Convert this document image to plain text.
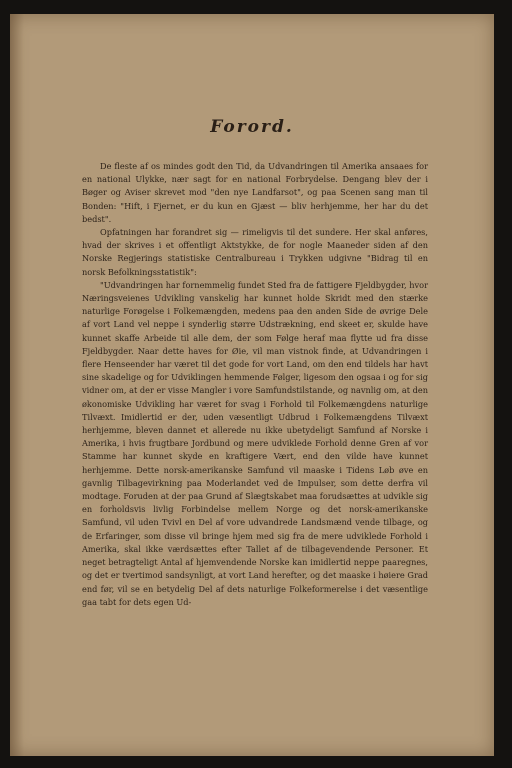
Forord.

De fleste af os mindes godt den Tid, da Udvandringen til Amerika ansaaes for en national Ulykke, nær sagt for en national Forbrydelse. Dengang blev der i Bøger og Aviser skrevet mod "den nye Landfarsot", og paa Scenen sang man til Bonden: "Hift, i Fjernet, er du kun en Gjæst — bliv herhjemme, her har du det bedst".

Opfatningen har forandret sig — rimeligvis til det sundere. Her skal anføres, hvad der skrives i et offentligt Aktstykke, de for nogle Maaneder siden af den Norske Regjerings statistiske Centralbureau i Trykken udgivne "Bidrag til en norsk Befolkningsstatistik":

"Udvandringen har fornemmelig fundet Sted fra de fattigere Fjeldbygder, hvor Næringsveienes Udvikling vanskelig har kunnet holde Skridt med den stærke naturlige Forøgelse i Folkemængden, medens paa den anden Side de øvrige Dele af vort Land vel neppe i synderlig større Udstrækning, end skeet er, skulde have kunnet skaffe Arbeide til alle dem, der som Følge heraf maa flytte ud fra disse Fjeldbygder. Naar dette haves for Øie, vil man vistnok finde, at Udvandringen i flere Henseender har været til det gode for vort Land, om den end tildels har havt sine skadelige og for Udviklingen hemmende Følger, ligesom den ogsaa i og for sig vidner om, at der er visse Mangler i vore Samfundstilstande, og navnlig om, at den økonomiske Udvikling har været for svag i Forhold til Folkemængdens naturlige Tilvæxt. Imidlertid er der, uden væsentligt Udbrud i Folkemængdens Tilvæxt herhjemme, bleven dannet et allerede nu ikke ubetydeligt Samfund af Norske i Amerika, i hvis frugtbare Jordbund og mere udviklede Forhold denne Gren af vor Stamme har kunnet skyde en kraftigere Vært, end den vilde have kunnet herhjemme. Dette norsk-amerikanske Samfund vil maaske i Tidens Løb øve en gavnlig Tilbagevirkning paa Moderlandet ved de Impulser, som dette derfra vil modtage. Foruden at der paa Grund af Slægtskabet maa forudsættes at udvikle sig en forholdsvis livlig Forbindelse mellem Norge og det norsk-amerikanske Samfund, vil uden Tvivl en Del af vore udvandrede Landsmænd vende tilbage, og de Erfaringer, som disse vil bringe hjem med sig fra de mere udviklede Forhold i Amerika, skal ikke værdsættes efter Tallet af de tilbagevendende Personer. Et neget betragteligt Antal af hjemvendende Norske kan imidlertid neppe paaregnes, og det er tvertimod sandsynligt, at vort Land herefter, og det maaske i høiere Grad end før, vil se en betydelig Del af dets naturlige Folkeformerelse i det væsentlige gaa tabt for dets egen Ud-
